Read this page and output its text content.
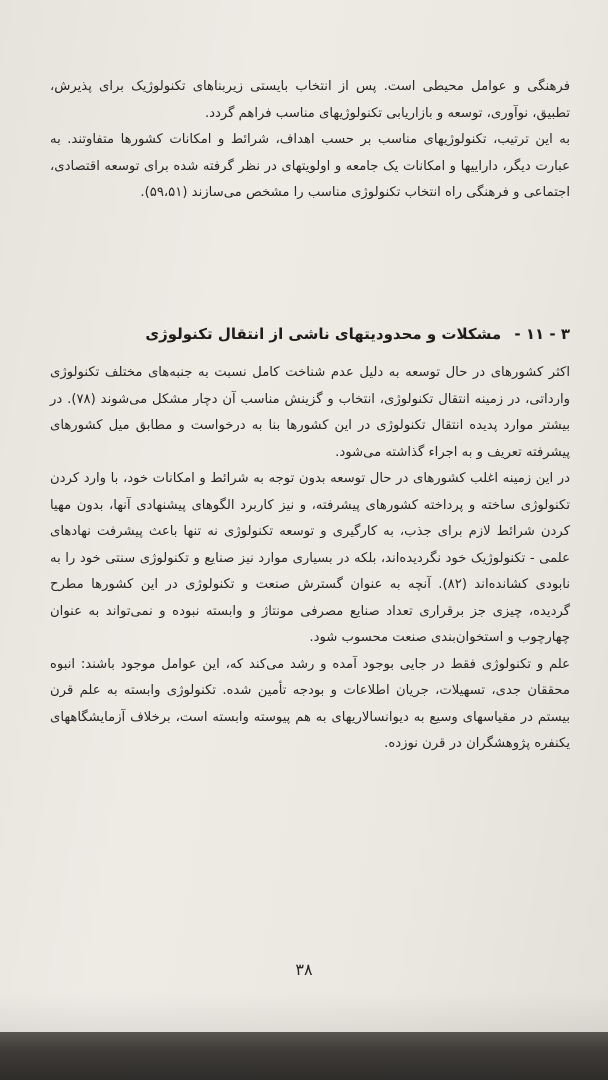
فرهنگی و عوامل محیطی است. پس از انتخاب بایستی زیربناهای تکنولوژیک برای پذیرش، تطبیق، نوآوری، توسعه و بازاریابی تکنولوژیهای مناسب فراهم گردد.

به این ترتیب، تکنولوژیهای مناسب بر حسب اهداف، شرائط و امکانات کشورها متفاوتند. به عبارت دیگر، داراییها و امکانات یک جامعه و اولویتهای در نظر گرفته شده برای توسعه اقتصادی، اجتماعی و فرهنگی راه انتخاب تکنولوژی مناسب را مشخص می‌سازند (۵۹،۵۱).

۳ - ۱۱ - مشکلات و محدودیتهای ناشی از انتقال تکنولوژی

اکثر کشورهای در حال توسعه به دلیل عدم شناخت کامل نسبت به جنبه‌های مختلف تکنولوژی وارداتی، در زمینه انتقال تکنولوژی، انتخاب و گزینش مناسب آن دچار مشکل می‌شوند (۷۸). در بیشتر موارد پدیده انتقال تکنولوژی در این کشورها بنا به درخواست و مطابق میل کشورهای پیشرفته تعریف و به اجراء گذاشته می‌شود.

در این زمینه اغلب کشورهای در حال توسعه بدون توجه به شرائط و امکانات خود، با وارد کردن تکنولوژی ساخته و پرداخته کشورهای پیشرفته، و نیز کاربرد الگوهای پیشنهادی آنها، بدون مهیا کردن شرائط لازم برای جذب، به کارگیری و توسعه تکنولوژی نه تنها باعث پیشرفت نهادهای علمی - تکنولوژیک خود نگردیده‌اند، بلکه در بسیاری موارد نیز صنایع و تکنولوژی سنتی خود را به نابودی کشانده‌اند (۸۲). آنچه به عنوان گسترش صنعت و تکنولوژی در این کشورها مطرح گردیده، چیزی جز برقراری تعداد صنایع مصرفی مونتاژ و وابسته نبوده و نمی‌تواند به عنوان چهارچوب و استخوان‌بندی صنعت محسوب شود.

علم و تکنولوژی فقط در جایی بوجود آمده و رشد می‌کند که، این عوامل موجود باشند: انبوه محققان جدی، تسهیلات، جریان اطلاعات و بودجه تأمین شده. تکنولوژی وابسته به علم قرن بیستم در مقیاسهای وسیع به دیوانسالاریهای به هم پیوسته وابسته است، برخلاف آزمایشگاههای یکنفره پژوهشگران در قرن نوزده.

۳۸
